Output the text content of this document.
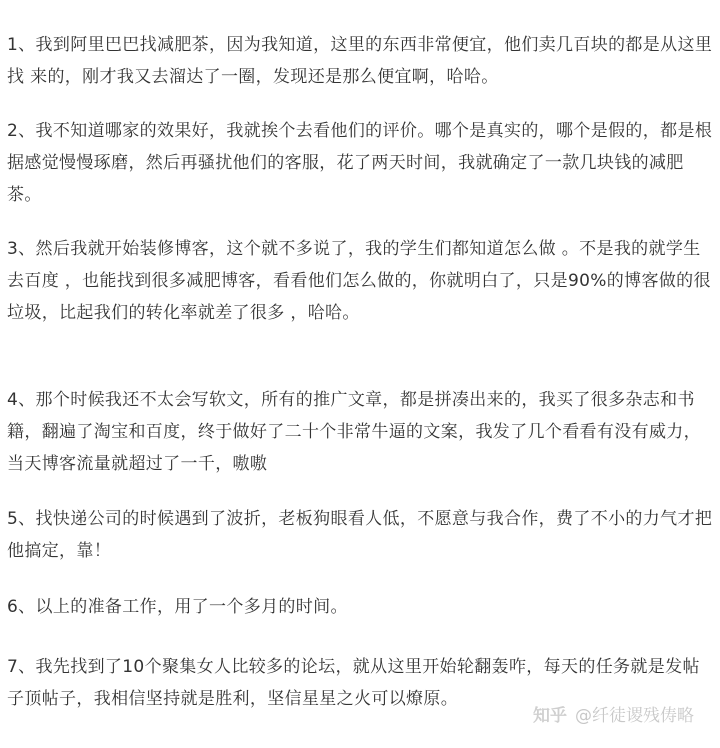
1、我到阿里巴巴找减肥茶，因为我知道，这里的东西非常便宜，他们卖几百块的都是从这里找 来的，刚才我又去溜达了一圈，发现还是那么便宜啊，哈哈。

2、我不知道哪家的效果好，我就挨个去看他们的评价。哪个是真实的，哪个是假的，都是根据感觉慢慢琢磨，然后再骚扰他们的客服，花了两天时间，我就确定了一款几块钱的减肥茶。

3、然后我就开始装修博客，这个就不多说了，我的学生们都知道怎么做 。不是我的就学生去百度 ，也能找到很多减肥博客，看看他们怎么做的，你就明白了，只是90%的博客做的很垃圾，比起我们的转化率就差了很多 ，哈哈。

4、那个时候我还不太会写软文，所有的推广文章，都是拼凑出来的，我买了很多杂志和书籍，翻遍了淘宝和百度，终于做好了二十个非常牛逼的文案，我发了几个看看有没有威力，当天博客流量就超过了一千，嗷嗷

5、找快递公司的时候遇到了波折，老板狗眼看人低，不愿意与我合作，费了不小的力气才把他搞定，靠！

6、以上的准备工作，用了一个多月的时间。

7、我先找到了10个聚集女人比较多的论坛，就从这里开始轮翻轰咋，每天的任务就是发帖子顶帖子，我相信坚持就是胜利，坚信星星之火可以燎原。

知乎 @纤徒谡残俦略
